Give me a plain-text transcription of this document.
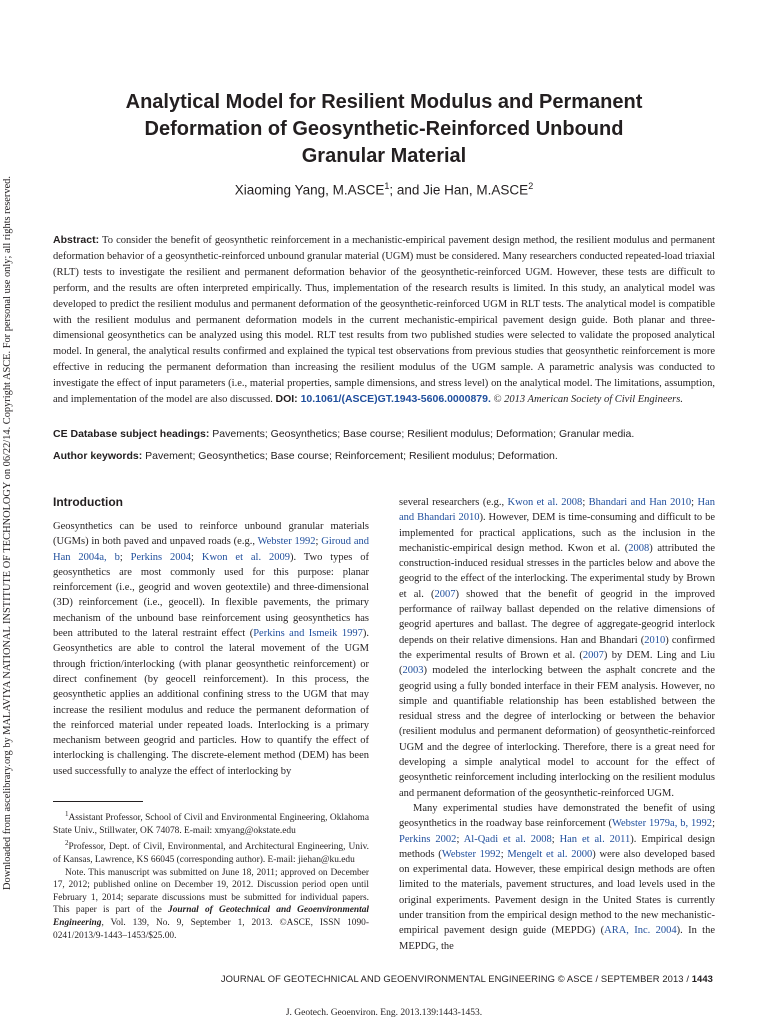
Downloaded from ascelibrary.org by MALAVIYA NATIONAL INSTITUTE OF TECHNOLOGY on 06/22/14. Copyright ASCE. For personal use only; all rights reserved.
Analytical Model for Resilient Modulus and Permanent
Deformation of Geosynthetic-Reinforced Unbound
Granular Material
Xiaoming Yang, M.ASCE$^1$; and Jie Han, M.ASCE$^2$
Abstract: To consider the benefit of geosynthetic reinforcement in a mechanistic-empirical pavement design method, the resilient modulus and permanent deformation behavior of a geosynthetic-reinforced unbound granular material (UGM) must be considered. Many researchers conducted repeated-load triaxial (RLT) tests to investigate the resilient and permanent deformation behavior of the geosynthetic-reinforced UGM. However, these tests are difficult to perform, and the results are often interpreted empirically. Thus, implementation of the research results is limited. In this study, an analytical model was developed to predict the resilient modulus and permanent deformation of the geosynthetic-reinforced UGM in RLT tests. The analytical model is compatible with the resilient modulus and permanent deformation models in the current mechanistic-empirical pavement design guide. Both planar and three-dimensional geosynthetics can be analyzed using this model. RLT test results from two published studies were selected to validate the proposed analytical model. In general, the analytical results confirmed and explained the typical test observations from previous studies that geosynthetic reinforcement is more effective in reducing the permanent deformation than increasing the resilient modulus of the UGM sample. A parametric analysis was conducted to investigate the effect of input parameters (i.e., material properties, sample dimensions, and stress level) on the analytical model. The limitations, assumption, and implementation of the model are also discussed. DOI: 10.1061/(ASCE)GT.1943-5606.0000879. © 2013 American Society of Civil Engineers.
CE Database subject headings: Pavements; Geosynthetics; Base course; Resilient modulus; Deformation; Granular media.
Author keywords: Pavement; Geosynthetics; Base course; Reinforcement; Resilient modulus; Deformation.
Introduction

Geosynthetics can be used to reinforce unbound granular materials (UGMs) in both paved and unpaved roads (e.g., Webster 1992; Giroud and Han 2004a, b; Perkins 2004; Kwon et al. 2009). Two types of geosynthetics are most commonly used for this purpose: planar reinforcement (i.e., geogrid and woven geotextile) and three-dimensional (3D) reinforcement (i.e., geocell). In flexible pavements, the primary mechanism of the unbound base reinforcement using geosynthetics has been attributed to the lateral restraint effect (Perkins and Ismeik 1997). Geosynthetics are able to control the lateral movement of the UGM through friction/interlocking (with planar geosynthetic reinforcement) or direct confinement (by geocell reinforcement). In this process, the geosynthetic applies an additional confining stress to the UGM that may increase the resilient modulus and reduce the permanent deformation of the reinforced material under repeated loads. Interlocking is a primary mechanism between geogrid and particles. How to quantify the effect of interlocking is challenging. The discrete-element method (DEM) has been used successfully to analyze the effect of interlocking by

$^1$Assistant Professor, School of Civil and Environmental Engineering, Oklahoma State Univ., Stillwater, OK 74078. E-mail: xmyang@okstate.edu

$^2$Professor, Dept. of Civil, Environmental, and Architectural Engineering, Univ. of Kansas, Lawrence, KS 66045 (corresponding author). E-mail: jiehan@ku.edu

Note. This manuscript was submitted on June 18, 2011; approved on December 17, 2012; published online on December 19, 2012. Discussion period open until February 1, 2014; separate discussions must be submitted for individual papers. This paper is part of the Journal of Geotechnical and Geoenvironmental Engineering, Vol. 139, No. 9, September 1, 2013. ©ASCE, ISSN 1090-0241/2013/9-1443–1453/$25.00.

several researchers (e.g., Kwon et al. 2008; Bhandari and Han 2010; Han and Bhandari 2010). However, DEM is time-consuming and difficult to be implemented for practical applications, such as the inclusion in the mechanistic-empirical design method. Kwon et al. (2008) attributed the construction-induced residual stresses in the particles below and above the geogrid to the effect of the interlocking. The experimental study by Brown et al. (2007) showed that the benefit of geogrid in the improved performance of railway ballast depended on the relative dimensions of geogrid apertures and ballast. The degree of aggregate-geogrid interlock depends on their relative dimensions. Han and Bhandari (2010) confirmed the experimental results of Brown et al. (2007) by DEM. Ling and Liu (2003) modeled the interlocking between the asphalt concrete and the geogrid using a fully bonded interface in their FEM analysis. However, no simple and quantifiable relationship has been established between the residual stress and the degree of interlocking or between the behavior (resilient modulus and permanent deformation) of geosynthetic-reinforced UGM and the degree of interlocking. Therefore, there is a great need for developing a simple analytical model to account for the effect of geosynthetic reinforcement including interlocking on the resilient modulus and permanent deformation of the geosynthetic-reinforced UGM.

Many experimental studies have demonstrated the benefit of using geosynthetics in the roadway base reinforcement (Webster 1979a, b, 1992; Perkins 2002; Al-Qadi et al. 2008; Han et al. 2011). Empirical design methods (Webster 1992; Mengelt et al. 2000) were also developed based on experimental data. However, these empirical design methods are often limited to the materials, pavement structures, and load levels used in the original experiments. Pavement design in the United States is currently under transition from the empirical design method to the new mechanistic-empirical pavement design guide (MEPDG) (ARA, Inc. 2004). In the MEPDG, the

JOURNAL OF GEOTECHNICAL AND GEOENVIRONMENTAL ENGINEERING © ASCE / SEPTEMBER 2013 / 1443
J. Geotech. Geoenviron. Eng. 2013.139:1443-1453.
